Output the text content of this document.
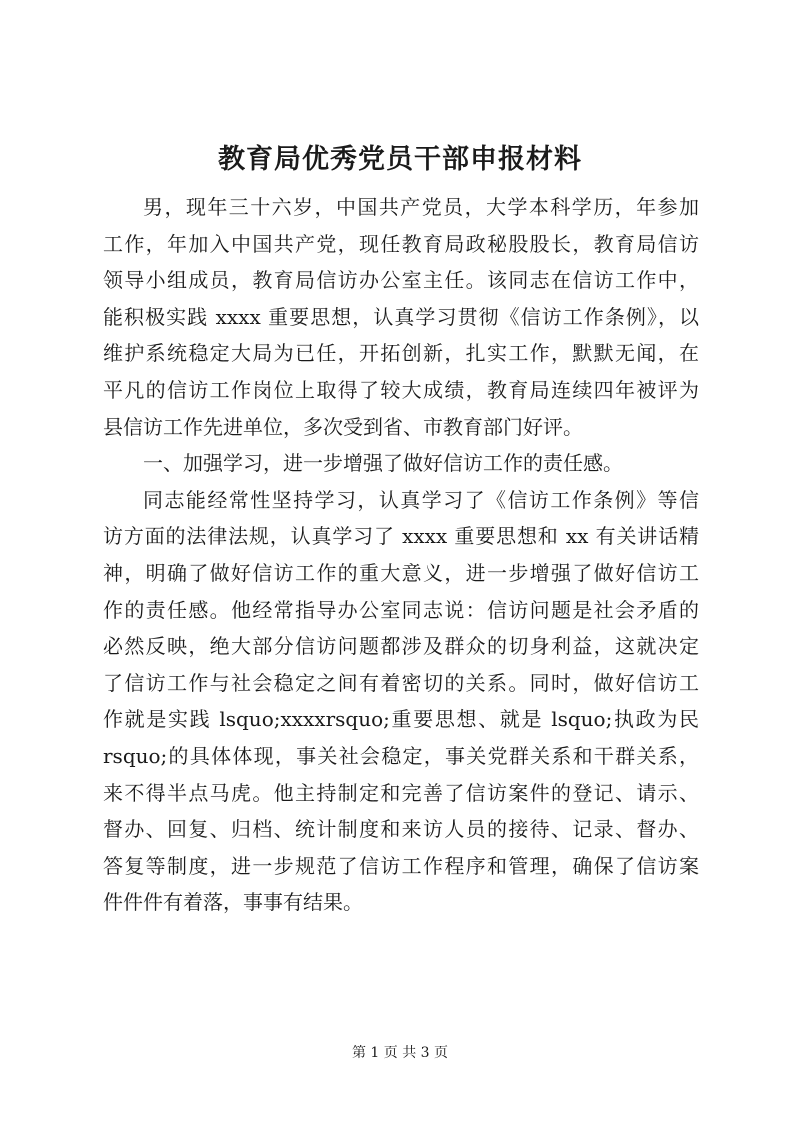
教育局优秀党员干部申报材料
男，现年三十六岁，中国共产党员，大学本科学历，年参加
工作，年加入中国共产党，现任教育局政秘股股长，教育局信访
领导小组成员，教育局信访办公室主任。该同志在信访工作中，
能积极实践 xxxx 重要思想，认真学习贯彻《信访工作条例》，以
维护系统稳定大局为已任，开拓创新，扎实工作，默默无闻，在
平凡的信访工作岗位上取得了较大成绩，教育局连续四年被评为
县信访工作先进单位，多次受到省、市教育部门好评。
一、加强学习，进一步增强了做好信访工作的责任感。
同志能经常性坚持学习，认真学习了《信访工作条例》等信
访方面的法律法规，认真学习了 xxxx 重要思想和 xx 有关讲话精
神，明确了做好信访工作的重大意义，进一步增强了做好信访工
作的责任感。他经常指导办公室同志说：信访问题是社会矛盾的
必然反映，绝大部分信访问题都涉及群众的切身利益，这就决定
了信访工作与社会稳定之间有着密切的关系。同时，做好信访工
作就是实践 lsquo;xxxxrsquo;重要思想、就是 lsquo;执政为民
rsquo;的具体体现，事关社会稳定，事关党群关系和干群关系，
来不得半点马虎。他主持制定和完善了信访案件的登记、请示、
督办、回复、归档、统计制度和来访人员的接待、记录、督办、
答复等制度，进一步规范了信访工作程序和管理，确保了信访案
件件件有着落，事事有结果。
第 1 页 共 3 页
